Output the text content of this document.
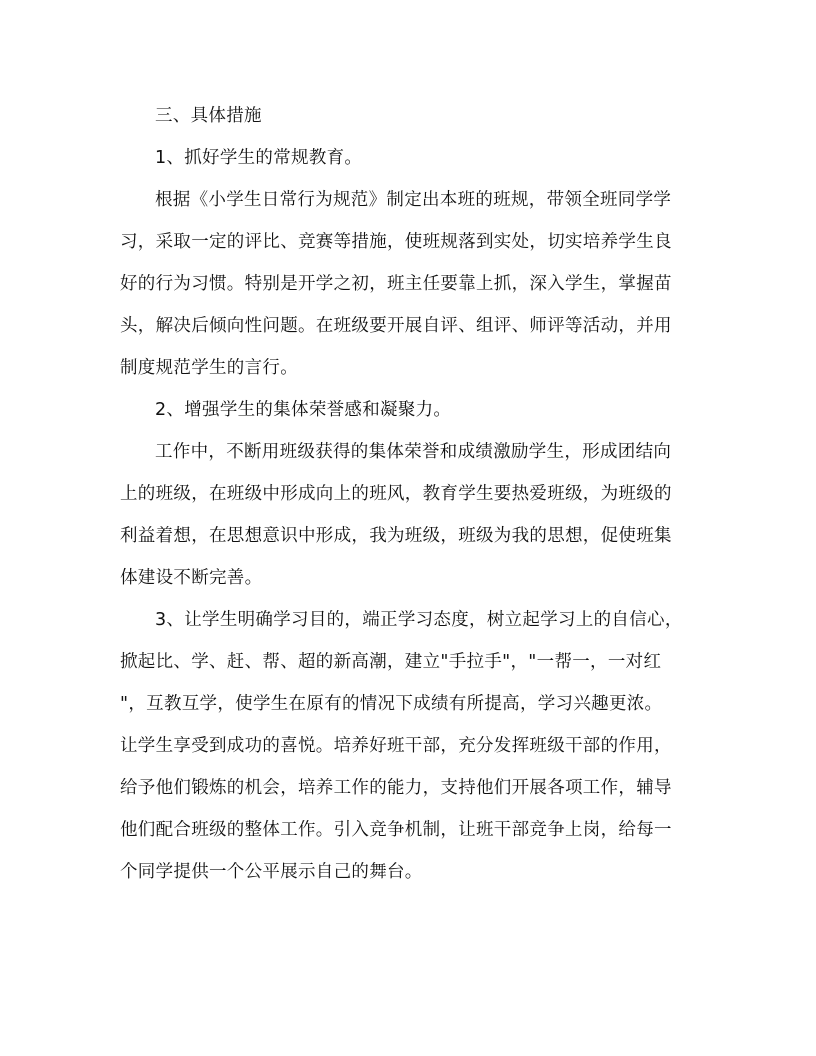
三、具体措施
1、抓好学生的常规教育。
根据《小学生日常行为规范》制定出本班的班规，带领全班同学学
习，采取一定的评比、竞赛等措施，使班规落到实处，切实培养学生良
好的行为习惯。特别是开学之初，班主任要靠上抓，深入学生，掌握苗
头，解决后倾向性问题。在班级要开展自评、组评、师评等活动，并用
制度规范学生的言行。
2、增强学生的集体荣誉感和凝聚力。
工作中，不断用班级获得的集体荣誉和成绩激励学生，形成团结向
上的班级，在班级中形成向上的班风，教育学生要热爱班级，为班级的
利益着想，在思想意识中形成，我为班级，班级为我的思想，促使班集
体建设不断完善。
3、让学生明确学习目的，端正学习态度，树立起学习上的自信心，
掀起比、学、赶、帮、超的新高潮，建立"手拉手"，"一帮一，一对红
"，互教互学，使学生在原有的情况下成绩有所提高，学习兴趣更浓。
让学生享受到成功的喜悦。培养好班干部，充分发挥班级干部的作用，
给予他们锻炼的机会，培养工作的能力，支持他们开展各项工作，辅导
他们配合班级的整体工作。引入竞争机制，让班干部竞争上岗，给每一
个同学提供一个公平展示自己的舞台。
